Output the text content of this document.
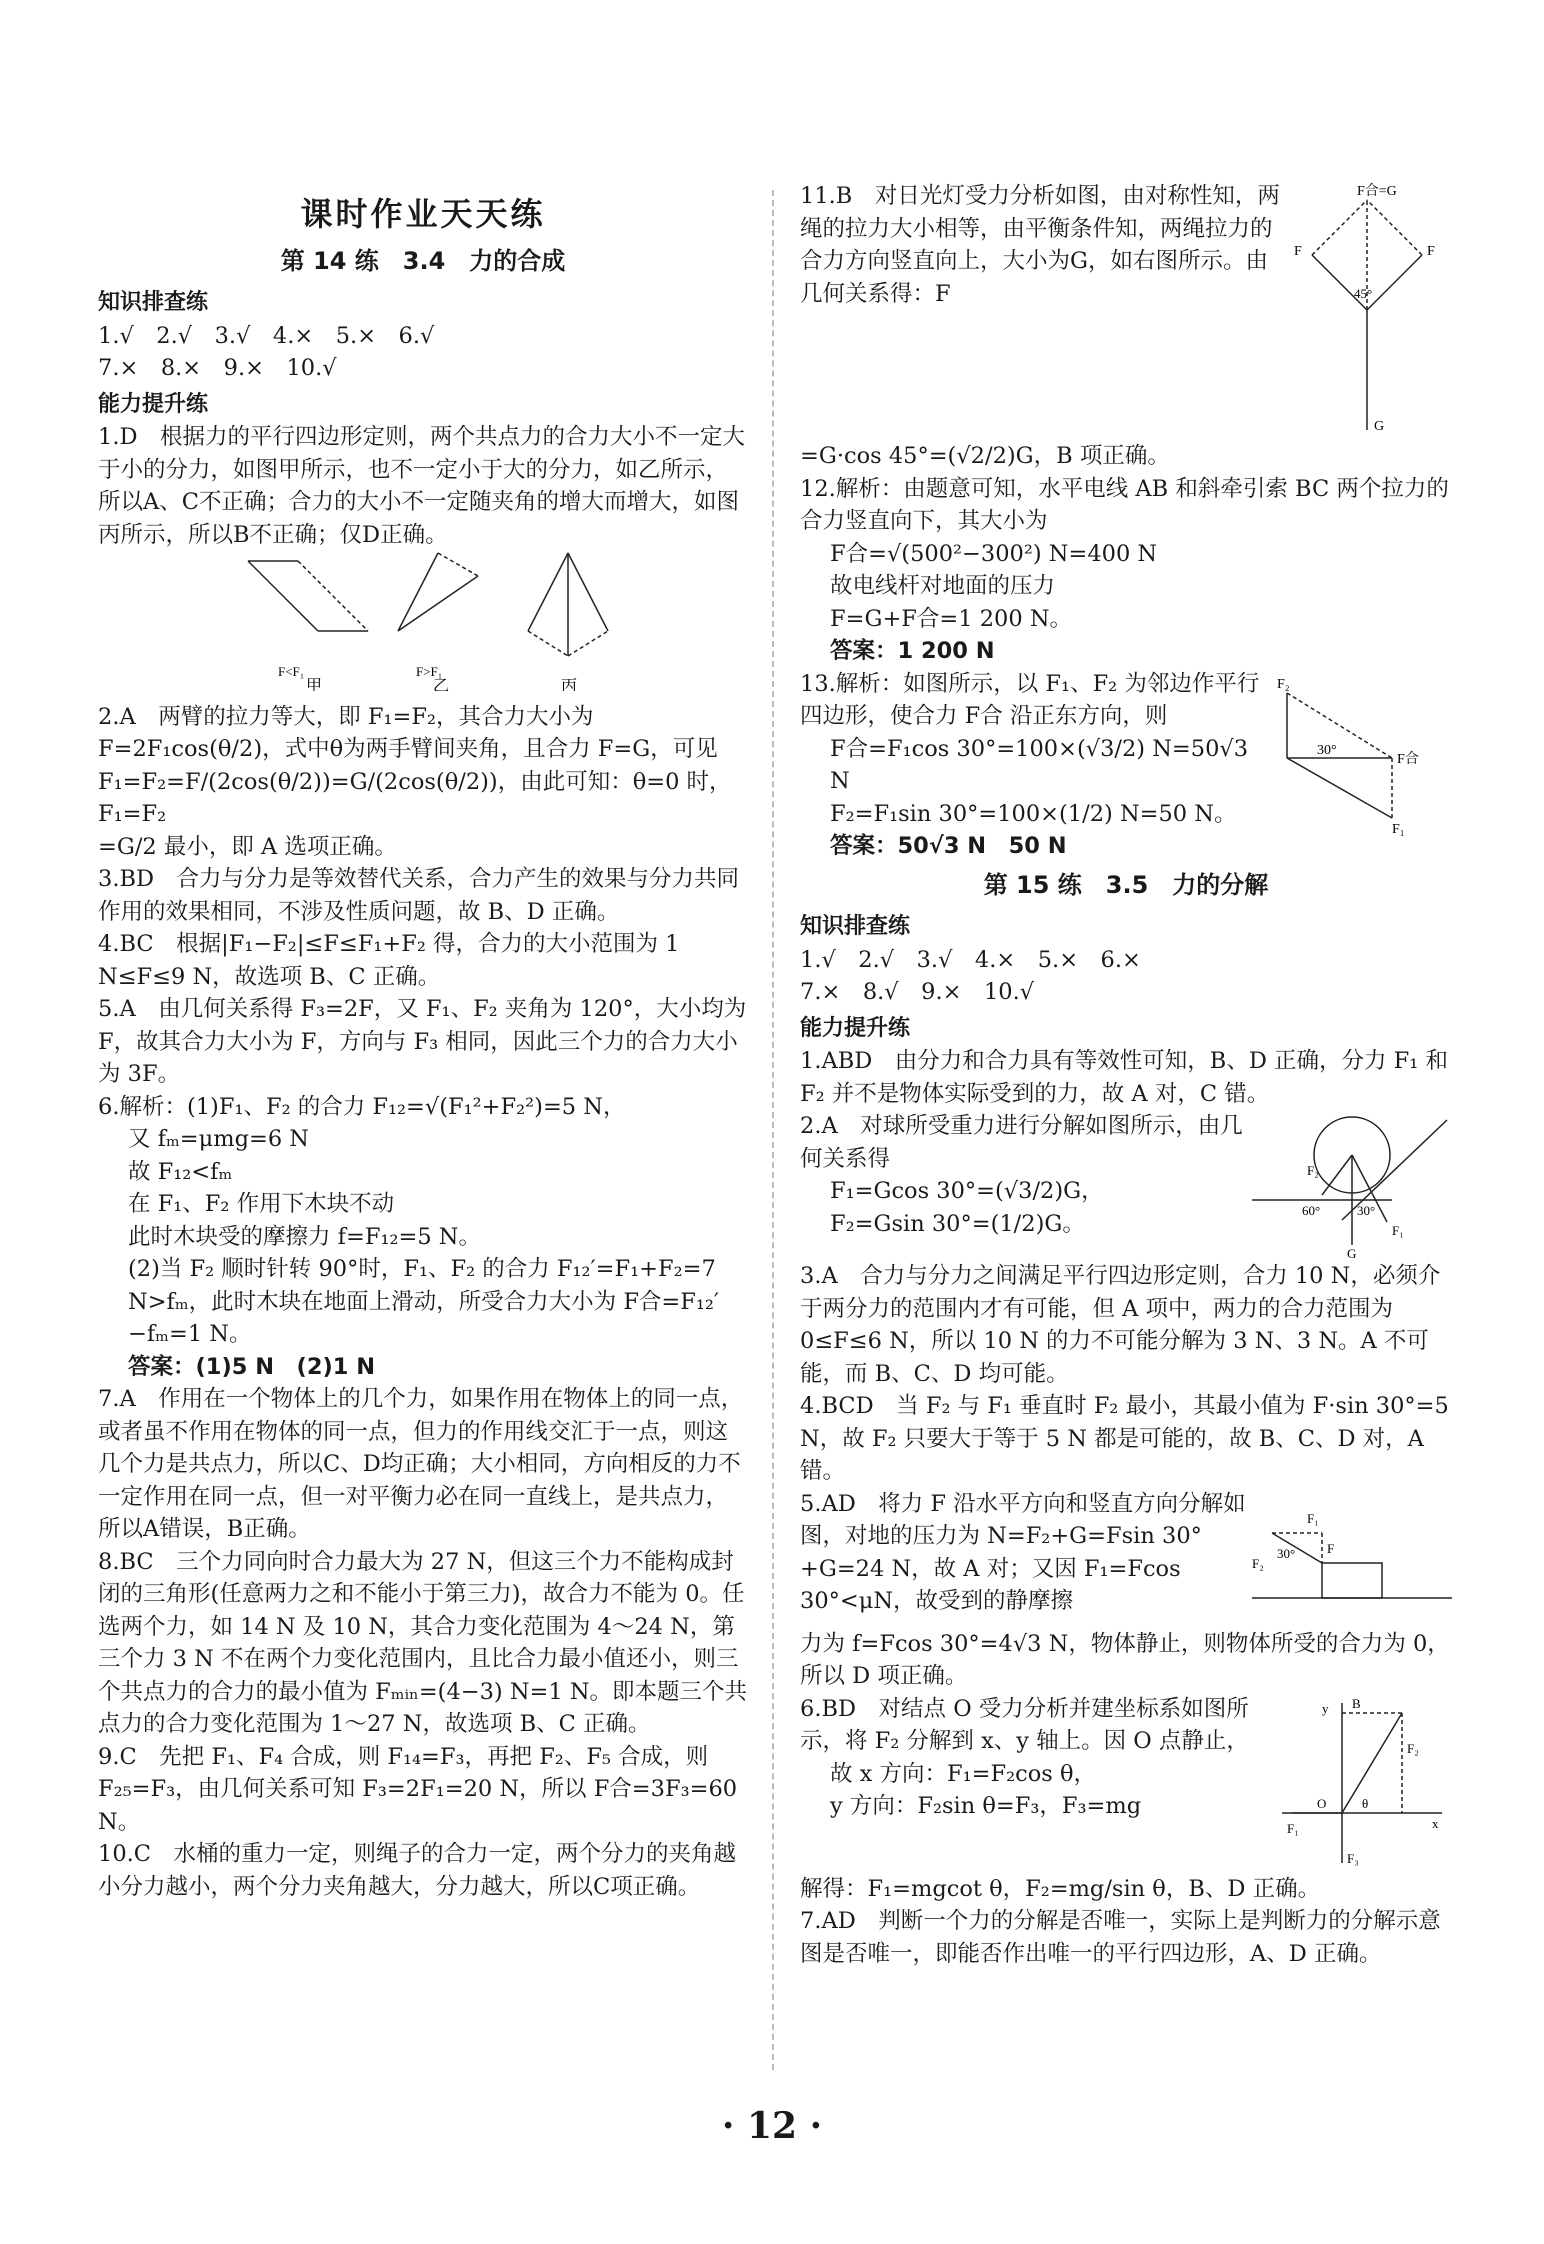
课时作业天天练
第 14 练　3.4　力的合成
知识排查练

1.√　2.√　3.√　4.×　5.×　6.√

7.×　8.×　9.×　10.√

能力提升练

1.D　根据力的平行四边形定则，两个共点力的合力大小不一定大于小的分力，如图甲所示，也不一定小于大的分力，如乙所示，所以A、C不正确；合力的大小不一定随夹角的增大而增大，如图丙所示，所以B不正确；仅D正确。

F<F₁	F>F₁
甲	乙	丙

2.A　两臂的拉力等大，即 F₁=F₂，其合力大小为 F=2F₁cos(θ/2)，式中θ为两手臂间夹角，且合力 F=G，可见

F₁=F₂=F/(2cos(θ/2))=G/(2cos(θ/2))，由此可知：θ=0 时，F₁=F₂

=G/2 最小，即 A 选项正确。

3.BD　合力与分力是等效替代关系，合力产生的效果与分力共同作用的效果相同，不涉及性质问题，故 B、D 正确。

4.BC　根据|F₁−F₂|≤F≤F₁+F₂ 得，合力的大小范围为 1 N≤F≤9 N，故选项 B、C 正确。

5.A　由几何关系得 F₃=2F，又 F₁、F₂ 夹角为 120°，大小均为 F，故其合力大小为 F，方向与 F₃ 相同，因此三个力的合力大小为 3F。

6.解析：(1)F₁、F₂ 的合力 F₁₂=√(F₁²+F₂²)=5 N，

又 fₘ=μmg=6 N

故 F₁₂<fₘ

在 F₁、F₂ 作用下木块不动

此时木块受的摩擦力 f=F₁₂=5 N。

(2)当 F₂ 顺时针转 90°时，F₁、F₂ 的合力 F₁₂′=F₁+F₂=7 N>fₘ，此时木块在地面上滑动，所受合力大小为 F合=F₁₂′−fₘ=1 N。

答案：(1)5 N　(2)1 N

7.A　作用在一个物体上的几个力，如果作用在物体上的同一点，或者虽不作用在物体的同一点，但力的作用线交汇于一点，则这几个力是共点力，所以C、D均正确；大小相同，方向相反的力不一定作用在同一点，但一对平衡力必在同一直线上，是共点力，所以A错误，B正确。

8.BC　三个力同向时合力最大为 27 N，但这三个力不能构成封闭的三角形(任意两力之和不能小于第三力)，故合力不能为 0。任选两个力，如 14 N 及 10 N，其合力变化范围为 4～24 N，第三个力 3 N 不在两个力变化范围内，且比合力最小值还小，则三个共点力的合力的最小值为 Fₘᵢₙ=(4−3) N=1 N。即本题三个共点力的合力变化范围为 1～27 N，故选项 B、C 正确。

9.C　先把 F₁、F₄ 合成，则 F₁₄=F₃，再把 F₂、F₅ 合成，则 F₂₅=F₃，由几何关系可知 F₃=2F₁=20 N，所以 F合=3F₃=60 N。

10.C　水桶的重力一定，则绳子的合力一定，两个分力的夹角越小分力越小，两个分力夹角越大，分力越大，所以C项正确。

11.B　对日光灯受力分析如图，由对称性知，两绳的拉力大小相等，由平衡条件知，两绳拉力的合力方向竖直向上，大小为G，如右图所示。由几何关系得：F

F合=G
F	F
45°
G

=G·cos 45°=(√2/2)G，B 项正确。

12.解析：由题意可知，水平电线 AB 和斜牵引索 BC 两个拉力的合力竖直向下，其大小为

F合=√(500²−300²) N=400 N

故电线杆对地面的压力

F=G+F合=1 200 N。

答案：1 200 N

13.解析：如图所示，以 F₁、F₂ 为邻边作平行四边形，使合力 F合 沿正东方向，则

F合=F₁cos 30°=100×(√3/2) N=50√3 N

F₂=F₁sin 30°=100×(1/2) N=50 N。

答案：50√3 N　50 N

F₂
F合
F₁
30°
第 15 练　3.5　力的分解
知识排查练

1.√　2.√　3.√　4.×　5.×　6.×

7.×　8.√　9.×　10.√

能力提升练

1.ABD　由分力和合力具有等效性可知，B、D 正确，分力 F₁ 和 F₂ 并不是物体实际受到的力，故 A 对，C 错。

2.A　对球所受重力进行分解如图所示，由几何关系得

F₁=Gcos 30°=(√3/2)G，

F₂=Gsin 30°=(1/2)G。

F₂
60°	30°
F₁
G

3.A　合力与分力之间满足平行四边形定则，合力 10 N，必须介于两分力的范围内才有可能，但 A 项中，两力的合力范围为 0≤F≤6 N，所以 10 N 的力不可能分解为 3 N、3 N。A 不可能，而 B、C、D 均可能。

4.BCD　当 F₂ 与 F₁ 垂直时 F₂ 最小，其最小值为 F·sin 30°=5 N，故 F₂ 只要大于等于 5 N 都是可能的，故 B、C、D 对，A 错。

5.AD　将力 F 沿水平方向和竖直方向分解如图，对地的压力为 N=F₂+G=Fsin 30°+G=24 N，故 A 对；又因 F₁=Fcos 30°<μN，故受到的静摩擦

F₁
F
F₂
30°

力为 f=Fcos 30°=4√3 N，物体静止，则物体所受的合力为 0，所以 D 项正确。

6.BD　对结点 O 受力分析并建坐标系如图所示，将 F₂ 分解到 x、y 轴上。因 O 点静止，

故 x 方向：F₁=F₂cos θ，

y 方向：F₂sin θ=F₃，F₃=mg

y B
F₂
O	θ
x
F₁
F₃

解得：F₁=mgcot θ，F₂=mg/sin θ，B、D 正确。

7.AD　判断一个力的分解是否唯一，实际上是判断力的分解示意图是否唯一，即能否作出唯一的平行四边形，A、D 正确。

· 12 ·
